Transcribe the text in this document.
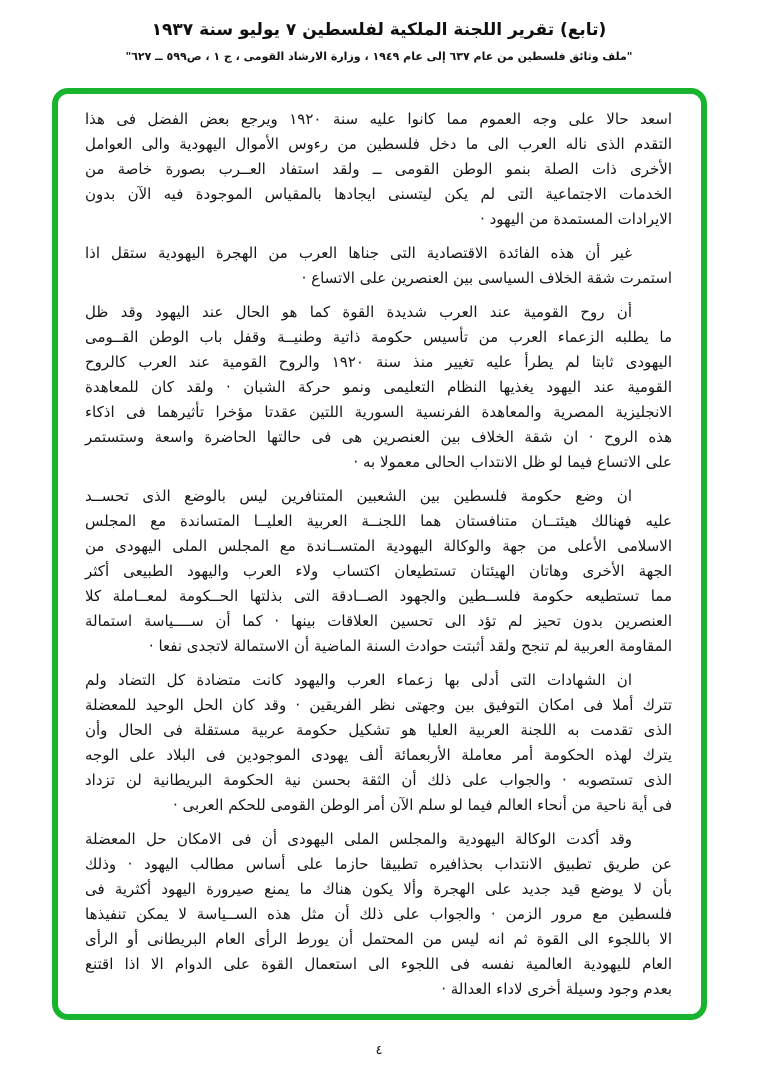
(تابع) تقرير اللجنة الملكية لفلسطين ٧ يوليو سنة ١٩٣٧
"ملف وثائق فلسطين من عام ٦٣٧ إلى عام ١٩٤٩ ، وزارة الارشاد القومى ، ج ١ ، ص٥٩٩ ــ ٦٢٧"
اسعد حالا على وجه العموم مما كانوا عليه سنة ١٩٢٠ ويرجع بعض الفضل فى هذا
التقدم الذى ناله العرب الى ما دخل فلسطين من رءوس الأموال اليهودية والى العوامل
الأخرى ذات الصلة بنمو الوطن القومى ــ ولقد استفاد العــرب بصورة خاصة من
الخدمات الاجتماعية التى لم يكن ليتسنى ايجادها بالمقياس الموجودة فيه الآن بدون
الايرادات المستمدة من اليهود ·
غير أن هذه الفائدة الاقتصادية التى جناها العرب من الهجرة اليهودية ستقل اذا
استمرت شقة الخلاف السياسى بين العنصرين على الاتساع ·
أن روح القومية عند العرب شديدة القوة كما هو الحال عند اليهود وقد ظل
ما يطلبه الزعماء العرب من تأسيس حكومة ذاتية وطنيــة وقفل باب الوطن القــومى
اليهودى ثابتا لم يطرأ عليه تغيير منذ سنة ١٩٢٠ والروح القومية عند العرب كالروح
القومية عند اليهود يغذيها النظام التعليمى ونمو حركة الشبان · ولقد كان للمعاهدة
الانجليزية المصرية والمعاهدة الفرنسية السورية اللتين عقدتا مؤخرا تأثيرهما فى اذكاء
هذه الروح · ان شقة الخلاف بين العنصرين هى فى حالتها الحاضرة واسعة وستستمر
على الاتساع فيما لو ظل الانتداب الحالى معمولا به ·
ان وضع حكومة فلسطين بين الشعبين المتنافرين ليس بالوضع الذى تحســد
عليه فهنالك هيئتــان متنافستان هما اللجنــة العربية العليــا المتساندة مع المجلس
الاسلامى الأعلى من جهة والوكالة اليهودية المتســاندة مع المجلس الملى اليهودى من
الجهة الأخرى وهاتان الهيئتان تستطيعان اكتساب ولاء العرب واليهود الطبيعى أكثر
مما تستطيعه حكومة فلســطين والجهود الصــادقة التى بذلتها الحــكومة لمعــاملة كلا
العنصرين بدون تحيز لم تؤد الى تحسين العلاقات بينها · كما أن ســــياسة استمالة
المقاومة العربية لم تنجح ولقد أثبتت حوادث السنة الماضية أن الاستمالة لاتجدى نفعا ·
ان الشهادات التى أدلى بها زعماء العرب واليهود كانت متضادة كل التضاد ولم
تترك أملا فى امكان التوفيق بين وجهتى نظر الفريقين · وقد كان الحل الوحيد للمعضلة
الذى تقدمت به اللجنة العربية العليا هو تشكيل حكومة عربية مستقلة فى الحال وأن
يترك لهذه الحكومة أمر معاملة الأربعمائة ألف يهودى الموجودين فى البلاد على الوجه
الذى تستصوبه · والجواب على ذلك أن الثقة بحسن نية الحكومة البريطانية لن تزداد
فى أية ناحية من أنحاء العالم فيما لو سلم الآن أمر الوطن القومى للحكم العربى ·
وقد أكدت الوكالة اليهودية والمجلس الملى اليهودى أن فى الامكان حل المعضلة
عن طريق تطبيق الانتداب بحذافيره تطبيقا حازما على أساس مطالب اليهود · وذلك
بأن لا يوضع قيد جديد على الهجرة وألا يكون هناك ما يمنع صيرورة اليهود أكثرية فى
فلسطين مع مرور الزمن · والجواب على ذلك أن مثل هذه الســياسة لا يمكن تنفيذها
الا باللجوء الى القوة ثم انه ليس من المحتمل أن يورط الرأى العام البريطانى أو الرأى
العام لليهودية العالمية نفسه فى اللجوء الى استعمال القوة على الدوام الا اذا اقتنع
بعدم وجود وسيلة أخرى لاداء العدالة ·
٤
